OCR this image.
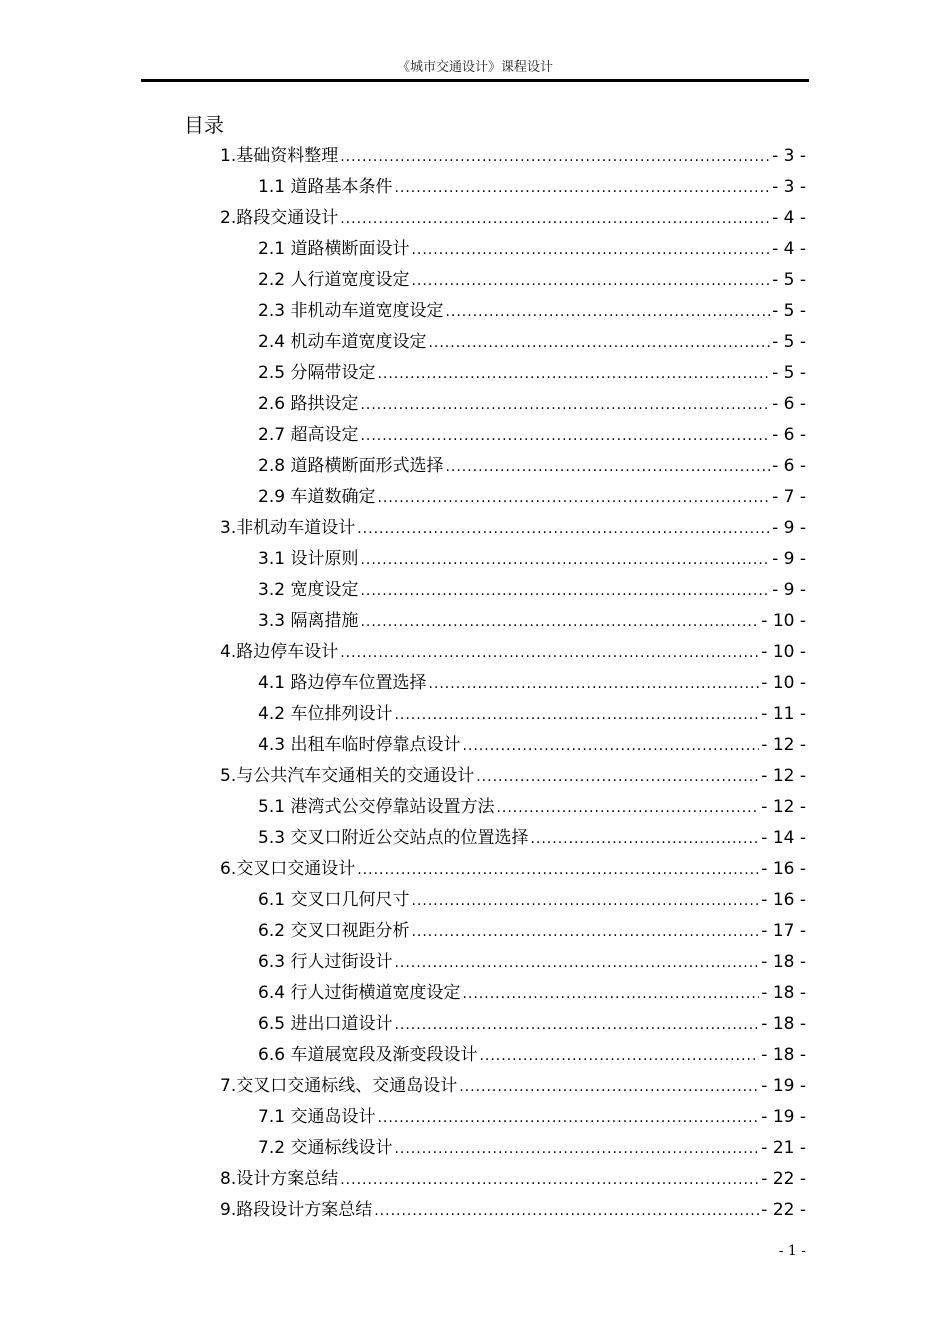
《城市交通设计》课程设计
目录
1.基础资料整理 .....	- 3 -
1.1 道路基本条件 .....	- 3 -
2.路段交通设计 .....	- 4 -
2.1 道路横断面设计 .....	- 4 -
2.2 人行道宽度设定 .....	- 5 -
2.3 非机动车道宽度设定 .....	- 5 -
2.4 机动车道宽度设定 .....	- 5 -
2.5 分隔带设定 .....	- 5 -
2.6 路拱设定 .....	- 6 -
2.7 超高设定 .....	- 6 -
2.8 道路横断面形式选择 .....	- 6 -
2.9 车道数确定 .....	- 7 -
3.非机动车道设计 .....	- 9 -
3.1 设计原则 .....	- 9 -
3.2 宽度设定 .....	- 9 -
3.3 隔离措施 .....	- 10 -
4.路边停车设计 .....	- 10 -
4.1 路边停车位置选择 .....	- 10 -
4.2 车位排列设计 .....	- 11 -
4.3 出租车临时停靠点设计 .....	- 12 -
5.与公共汽车交通相关的交通设计 .....	- 12 -
5.1 港湾式公交停靠站设置方法 .....	- 12 -
5.3 交叉口附近公交站点的位置选择 .....	- 14 -
6.交叉口交通设计 .....	- 16 -
6.1 交叉口几何尺寸 .....	- 16 -
6.2 交叉口视距分析 .....	- 17 -
6.3 行人过街设计 .....	- 18 -
6.4 行人过街横道宽度设定 .....	- 18 -
6.5 进出口道设计 .....	- 18 -
6.6 车道展宽段及渐变段设计 .....	- 18 -
7.交叉口交通标线、交通岛设计 .....	- 19 -
7.1 交通岛设计 .....	- 19 -
7.2 交通标线设计 .....	- 21 -
8.设计方案总结 .....	- 22 -
9.路段设计方案总结 .....	- 22 -
- 1 -
